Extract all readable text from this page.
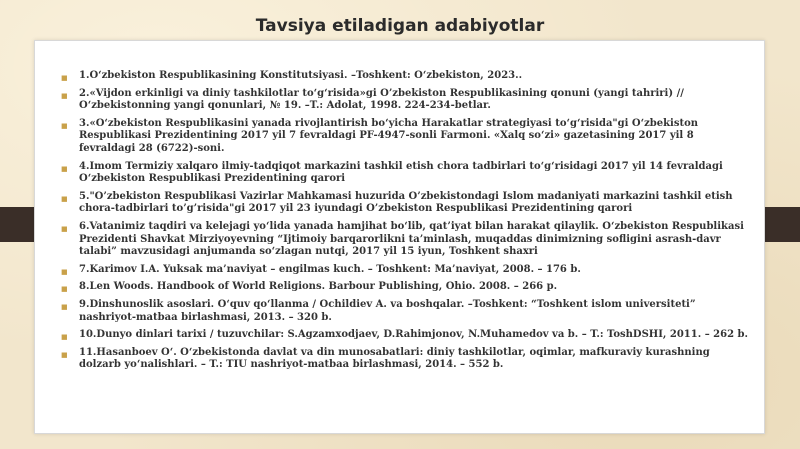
Tavsiya etiladigan adabiyotlar
■ 1.O‘zbekiston Respublikasining Konstitutsiyasi. –Toshkent: O‘zbekiston, 2023..
■ 2.«Vijdon erkinligi va diniy tashkilotlar to‘g‘risida»gi O’zbekiston Respublikasining qonuni (yangi tahriri) // O‘zbekistonning yangi qonunlari, № 19. –T.: Adolat, 1998. 224-234-betlar.
■ 3.«O‘zbekiston Respublikasini yanada rivojlantirish bo‘yicha Harakatlar strategiyasi to‘g‘risida"gi O‘zbekiston Respublikasi Prezidentining 2017 yil 7 fevraldagi PF-4947-sonli Farmoni. «Xalq so‘zi» gazetasining 2017 yil 8 fevraldagi 28 (6722)-soni.
■ 4.Imom Termiziy xalqaro ilmiy-tadqiqot markazini tashkil etish chora tadbirlari to‘g‘risidagi 2017 yil 14 fevraldagi O‘zbekiston Respublikasi Prezidentining qarori
■ 5."O’zbekiston Respublikasi Vazirlar Mahkamasi huzurida O’zbekistondagi Islom madaniyati markazini tashkil etish chora-tadbirlari to’g’risida"gi 2017 yil 23 iyundagi O’zbekiston Respublikasi Prezidentining qarori
■ 6.Vatanimiz taqdiri va kelejagi yo‘lida yanada hamjihat bo‘lib, qat’iyat bilan harakat qilaylik. O‘zbekiston Respublikasi Prezidenti Shavkat Mirziyoyevning “Ijtimoiy barqarorlikni ta’minlash, muqaddas dinimizning sofligini asrash-davr talabi” mavzusidagi anjumanda so‘zlagan nutqi, 2017 yil 15 iyun, Toshkent shaxri
■ 7.Karimov I.A. Yuksak ma’naviyat – engilmas kuch. – Toshkent: Ma’naviyat, 2008. – 176 b.
■ 8.Len Woods. Handbook of World Religions. Barbour Publishing, Ohio. 2008. – 266 p.
■ 9.Dinshunoslik asoslari. O‘quv qo‘llanma / Ochildiev A. va boshqalar. –Toshkent: “Toshkent islom universiteti” nashriyot-matbaa birlashmasi, 2013. – 320 b.
■ 10.Dunyo dinlari tarixi / tuzuvchilar: S.Agzamxodjaev, D.Rahimjonov, N.Muhamedov va b. – T.: ToshDSHI, 2011. – 262 b.
■ 11.Hasanboev O‘. O‘zbekistonda davlat va din munosabatlari: diniy tashkilotlar, oqimlar, mafkuraviy kurashning dolzarb yo‘nalishlari. – T.: TIU nashriyot-matbaa birlashmasi, 2014. – 552 b.
